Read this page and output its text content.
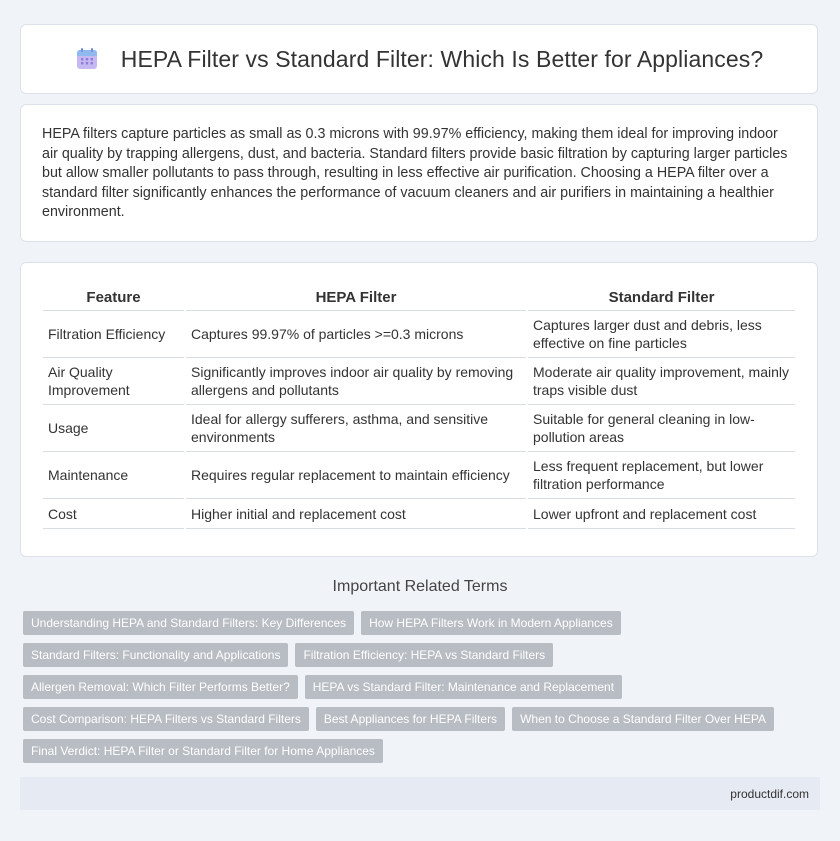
HEPA Filter vs Standard Filter: Which Is Better for Appliances?

HEPA filters capture particles as small as 0.3 microns with 99.97% efficiency, making them ideal for improving indoor air quality by trapping allergens, dust, and bacteria. Standard filters provide basic filtration by capturing larger particles but allow smaller pollutants to pass through, resulting in less effective air purification. Choosing a HEPA filter over a standard filter significantly enhances the performance of vacuum cleaners and air purifiers in maintaining a healthier environment.

Feature	HEPA Filter	Standard Filter
Filtration Efficiency	Captures 99.97% of particles >=0.3 microns	Captures larger dust and debris, less effective on fine particles
Air Quality Improvement	Significantly improves indoor air quality by removing allergens and pollutants	Moderate air quality improvement, mainly traps visible dust
Usage	Ideal for allergy sufferers, asthma, and sensitive environments	Suitable for general cleaning in low-pollution areas
Maintenance	Requires regular replacement to maintain efficiency	Less frequent replacement, but lower filtration performance
Cost	Higher initial and replacement cost	Lower upfront and replacement cost
Important Related Terms
Understanding HEPA and Standard Filters: Key Differences	How HEPA Filters Work in Modern Appliances
Standard Filters: Functionality and Applications	Filtration Efficiency: HEPA vs Standard Filters
Allergen Removal: Which Filter Performs Better?	HEPA vs Standard Filter: Maintenance and Replacement
Cost Comparison: HEPA Filters vs Standard Filters	Best Appliances for HEPA Filters	When to Choose a Standard Filter Over HEPA
Final Verdict: HEPA Filter or Standard Filter for Home Appliances
productdif.com
